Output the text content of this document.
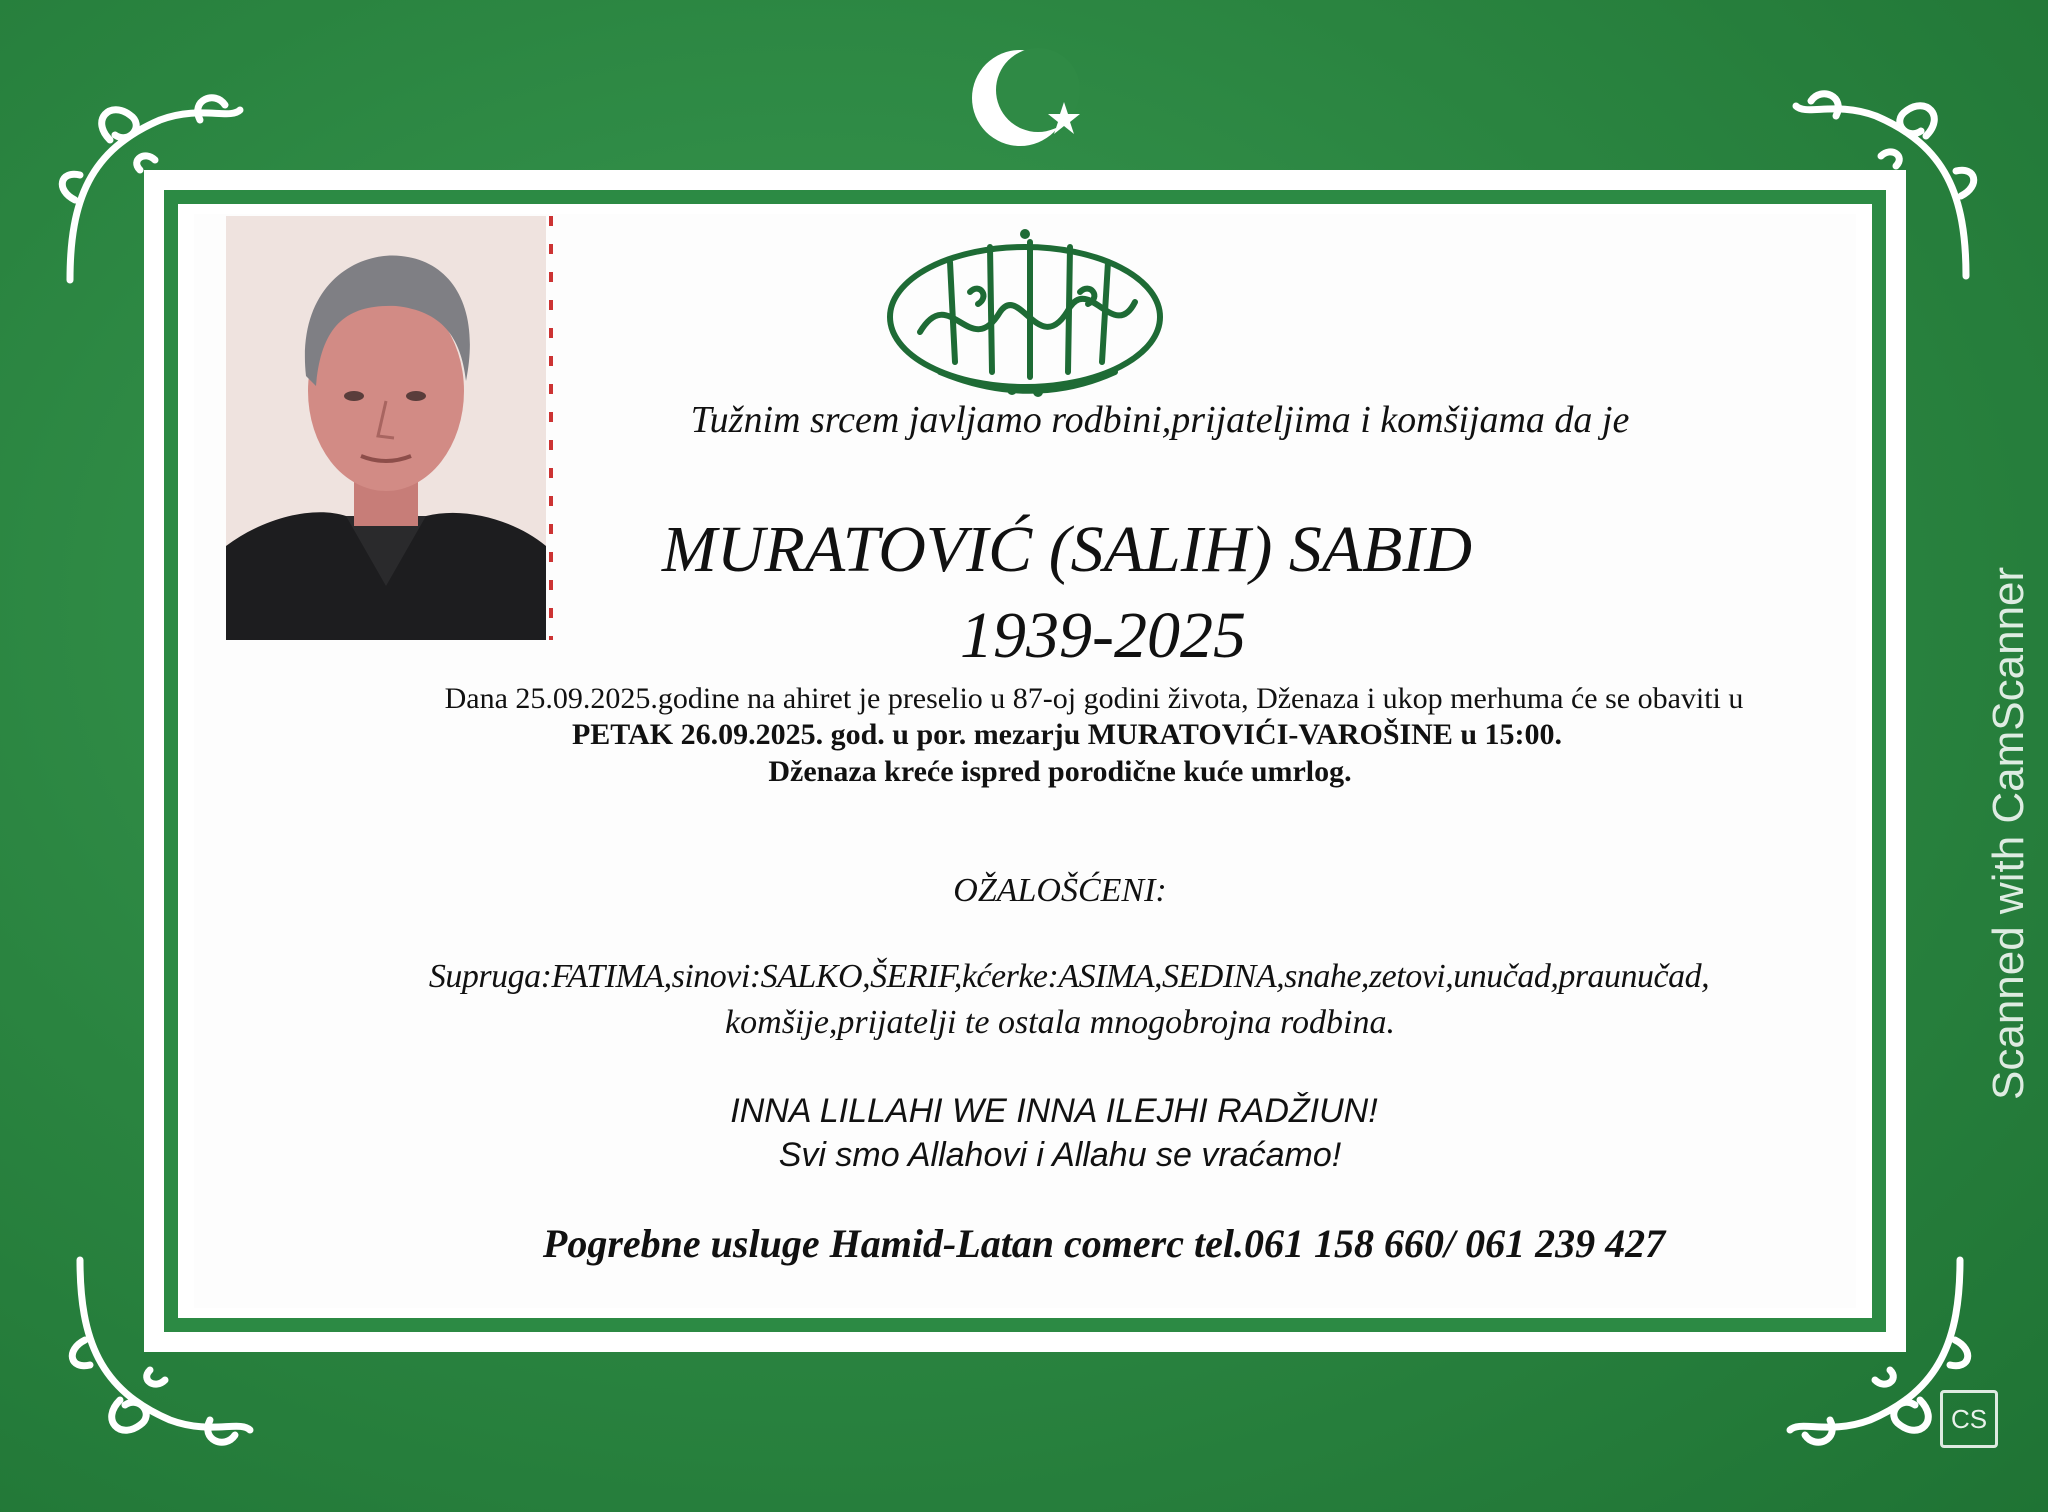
Tužnim srcem javljamo rodbini,prijateljima i komšijama da je
MURATOVIĆ (SALIH) SABID
1939-2025
Dana 25.09.2025.godine na ahiret je preselio u 87-oj godini života, Dženaza i ukop merhuma će se obaviti u
PETAK 26.09.2025. god. u por. mezarju MURATOVIĆI-VAROŠINE u 15:00.
Dženaza kreće ispred porodične kuće umrlog.
OŽALOŠĆENI:
Supruga:FATIMA,sinovi:SALKO,ŠERIF,kćerke:ASIMA,SEDINA,snahe,zetovi,unučad,praunučad,
komšije,prijatelji te ostala mnogobrojna rodbina.
INNA LILLAHI WE INNA ILEJHI RADŽIUN!
Svi smo Allahovi i Allahu se vraćamo!
Pogrebne usluge Hamid-Latan comerc tel.061 158 660/ 061 239 427
Scanned with CamScanner
CS
